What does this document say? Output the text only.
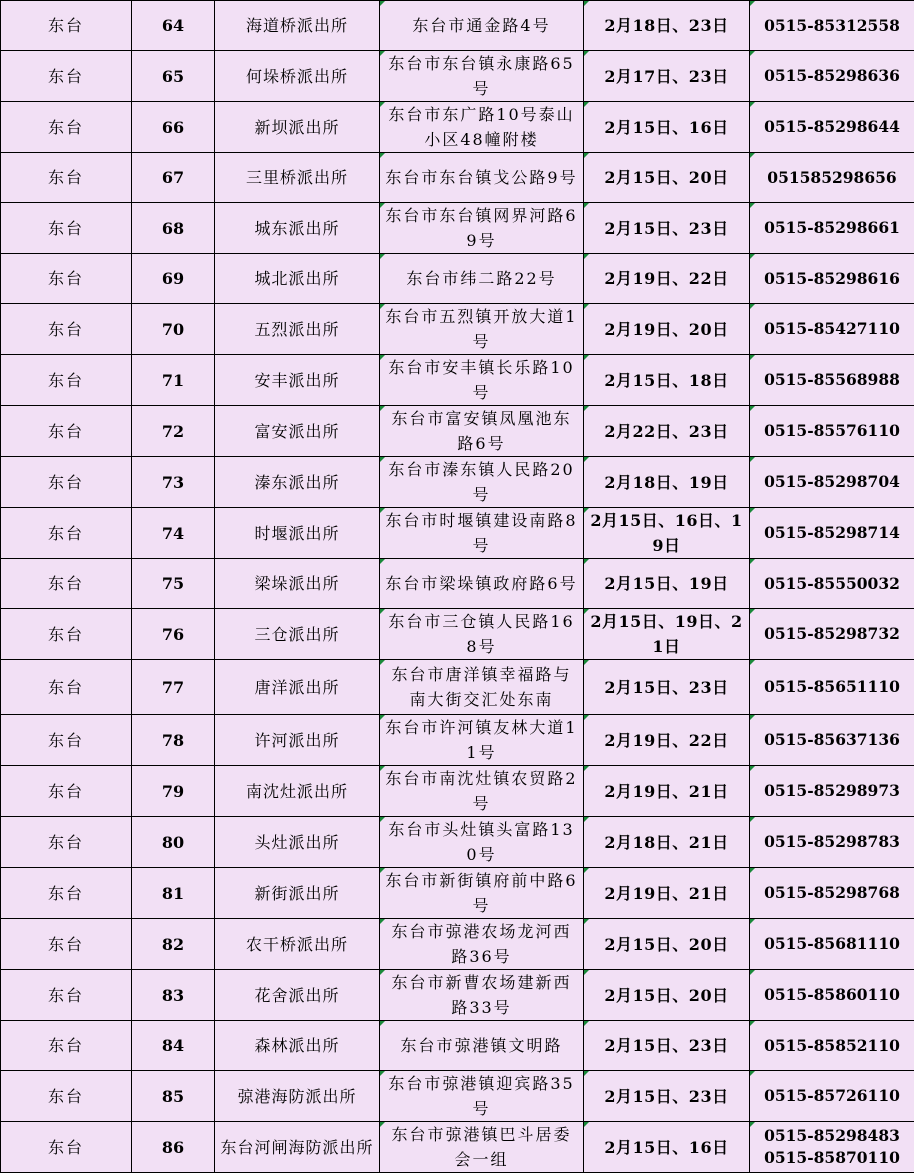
东台	64	海道桥派出所	东台市通金路4号	2月18日、23日	0515-85312558

东台	65	何垛桥派出所	东台市东台镇永康路65号	2月17日、23日	0515-85298636

东台	66	新坝派出所	东台市东广路10号泰山小区48幢附楼	2月15日、16日	0515-85298644

东台	67	三里桥派出所	东台市东台镇戈公路9号	2月15日、20日	051585298656

东台	68	城东派出所	东台市东台镇网界河路69号	2月15日、23日	0515-85298661

东台	69	城北派出所	东台市纬二路22号	2月19日、22日	0515-85298616

东台	70	五烈派出所	东台市五烈镇开放大道1号	2月19日、20日	0515-85427110

东台	71	安丰派出所	东台市安丰镇长乐路10号	2月15日、18日	0515-85568988

东台	72	富安派出所	东台市富安镇凤凰池东路6号	2月22日、23日	0515-85576110

东台	73	溱东派出所	东台市溱东镇人民路20号	2月18日、19日	0515-85298704

东台	74	时堰派出所	东台市时堰镇建设南路8号	2月15日、16日、19日	0515-85298714

东台	75	梁垛派出所	东台市梁垛镇政府路6号	2月15日、19日	0515-85550032

东台	76	三仓派出所	东台市三仓镇人民路168号	2月15日、19日、21日	0515-85298732

东台	77	唐洋派出所	东台市唐洋镇幸福路与南大街交汇处东南	2月15日、23日	0515-85651110

东台	78	许河派出所	东台市许河镇友林大道11号	2月19日、22日	0515-85637136

东台	79	南沈灶派出所	东台市南沈灶镇农贸路2号	2月19日、21日	0515-85298973

东台	80	头灶派出所	东台市头灶镇头富路130号	2月18日、21日	0515-85298783

东台	81	新街派出所	东台市新街镇府前中路6号	2月19日、21日	0515-85298768

东台	82	农干桥派出所	东台市弶港农场龙河西路36号	2月15日、20日	0515-85681110

东台	83	花舍派出所	东台市新曹农场建新西路33号	2月15日、20日	0515-85860110

东台	84	森林派出所	东台市弶港镇文明路	2月15日、23日	0515-85852110

东台	85	弶港海防派出所	东台市弶港镇迎宾路35号	2月15日、23日	0515-85726110

东台	86	东台河闸海防派出所	东台市弶港镇巴斗居委会一组	2月15日、16日	0515-85298483
0515-85870110
